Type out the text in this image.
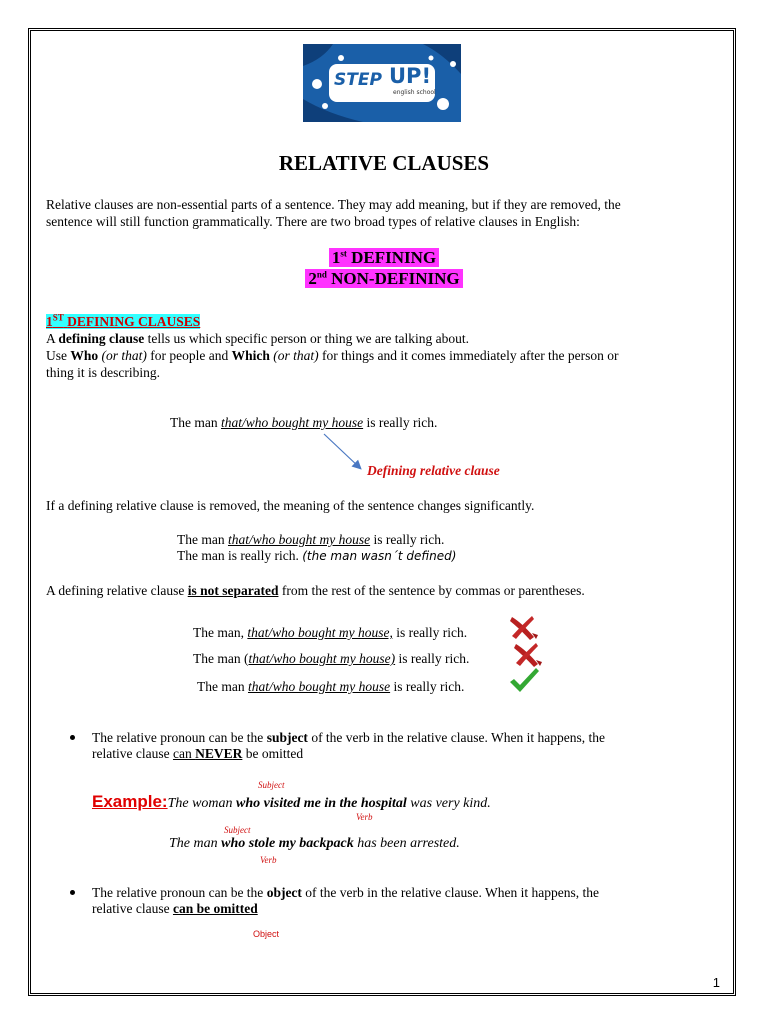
STEP UP!
english school
RELATIVE CLAUSES
Relative clauses are non-essential parts of a sentence. They may add meaning, but if they are removed, the
sentence will still function grammatically. There are two broad types of relative clauses in English:
1st DEFINING
2nd NON-DEFINING
1ST DEFINING CLAUSES
A defining clause tells us which specific person or thing we are talking about.
Use Who (or that) for people and Which (or that) for things and it comes immediately after the person or
thing it is describing.
The man that/who bought my house is really rich.
Defining relative clause
If a defining relative clause is removed, the meaning of the sentence changes significantly.
The man that/who bought my house is really rich.
The man is really rich. (the man wasn´t defined)
A defining relative clause is not separated from the rest of the sentence by commas or parentheses.
The man, that/who bought my house, is really rich.
The man (that/who bought my house) is really rich.
The man that/who bought my house is really rich.
The relative pronoun can be the subject of the verb in the relative clause. When it happens, the
relative clause can NEVER be omitted
Subject
Example:The woman who visited me in the hospital was very kind.
Verb
Subject
The man who stole my backpack has been arrested.
Verb
The relative pronoun can be the object of the verb in the relative clause. When it happens, the
relative clause can be omitted
Object
1
